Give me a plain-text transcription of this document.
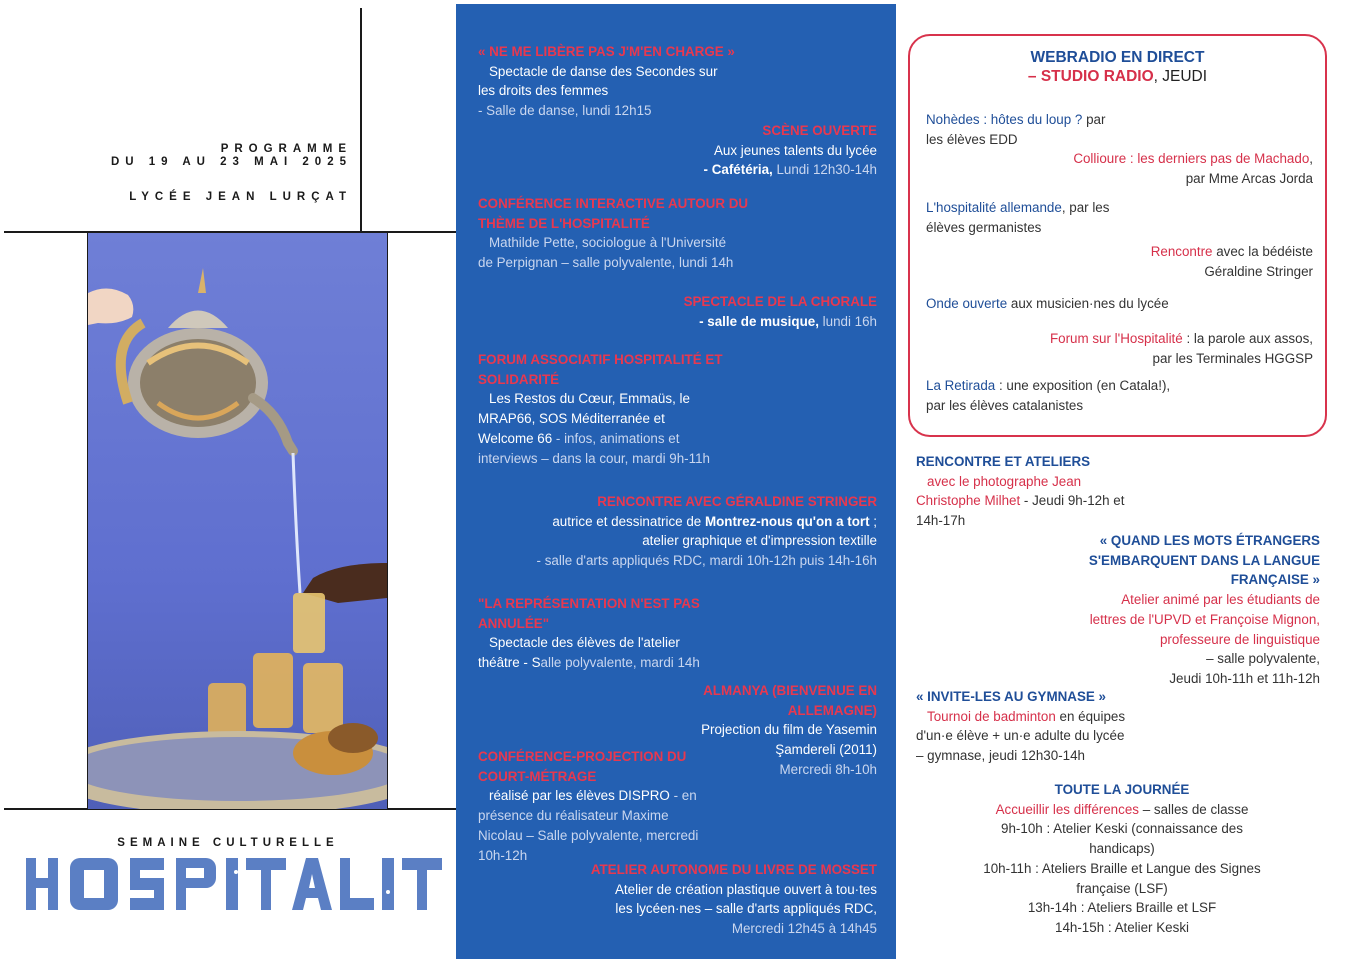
PROGRAMME
DU 19 AU 23 MAI 2025
LYCÉE JEAN LURÇAT
SEMAINE CULTURELLE
« NE ME LIBÈRE PAS J'M'EN CHARGE »
Spectacle de danse des Secondes sur
les droits des femmes
- Salle de danse, lundi 12h15
SCÈNE OUVERTE
Aux jeunes talents du lycée
- Cafétéria, Lundi 12h30-14h
CONFÉRENCE INTERACTIVE AUTOUR DU
THÈME DE L'HOSPITALITÉ
Mathilde Pette, sociologue à l'Université
de Perpignan – salle polyvalente, lundi 14h
SPECTACLE DE LA CHORALE
- salle de musique, lundi 16h
FORUM ASSOCIATIF HOSPITALITÉ ET
SOLIDARITÉ
Les Restos du Cœur, Emmaüs, le
MRAP66, SOS Méditerranée et
Welcome 66 - infos, animations et
interviews – dans la cour, mardi 9h-11h
RENCONTRE AVEC GÉRALDINE STRINGER
autrice et dessinatrice de Montrez-nous qu'on a tort ;
atelier graphique et d'impression textille
- salle d'arts appliqués RDC, mardi 10h-12h puis 14h-16h
"LA REPRÉSENTATION N'EST PAS
ANNULÉE"
Spectacle des élèves de l'atelier
théâtre - Salle polyvalente, mardi 14h
ALMANYA (BIENVENUE EN
ALLEMAGNE)
Projection du film de Yasemin
Şamdereli (2011)
Mercredi 8h-10h
CONFÉRENCE-PROJECTION DU
COURT-MÉTRAGE
réalisé par les élèves DISPRO - en
présence du réalisateur Maxime
Nicolau – Salle polyvalente, mercredi
10h-12h
ATELIER AUTONOME DU LIVRE DE MOSSET
Atelier de création plastique ouvert à tou·tes
les lycéen·nes – salle d'arts appliqués RDC,
Mercredi 12h45 à 14h45
WEBRADIO EN DIRECT
– STUDIO RADIO, JEUDI
Nohèdes : hôtes du loup ? par
les élèves EDD
Collioure : les derniers pas de Machado,
par Mme Arcas Jorda
L'hospitalité allemande, par les
élèves germanistes
Rencontre avec la bédéiste
Géraldine Stringer
Onde ouverte aux musicien·nes du lycée
Forum sur l'Hospitalité : la parole aux assos,
par les Terminales HGGSP
La Retirada : une exposition (en Catala!),
par les élèves catalanistes
RENCONTRE ET ATELIERS
avec le photographe Jean
Christophe Milhet - Jeudi 9h-12h et
14h-17h
« QUAND LES MOTS ÉTRANGERS
S'EMBARQUENT DANS LA LANGUE
FRANÇAISE »
Atelier animé par les étudiants de
lettres de l'UPVD et Françoise Mignon,
professeure de linguistique
– salle polyvalente,
Jeudi 10h-11h et 11h-12h
« INVITE-LES AU GYMNASE »
Tournoi de badminton en équipes
d'un·e élève + un·e adulte du lycée
– gymnase, jeudi 12h30-14h
TOUTE LA JOURNÉE
Accueillir les différences – salles de classe
9h-10h : Atelier Keski (connaissance des
handicaps)
10h-11h : Ateliers Braille et Langue des Signes
française (LSF)
13h-14h : Ateliers Braille et LSF
14h-15h : Atelier Keski
